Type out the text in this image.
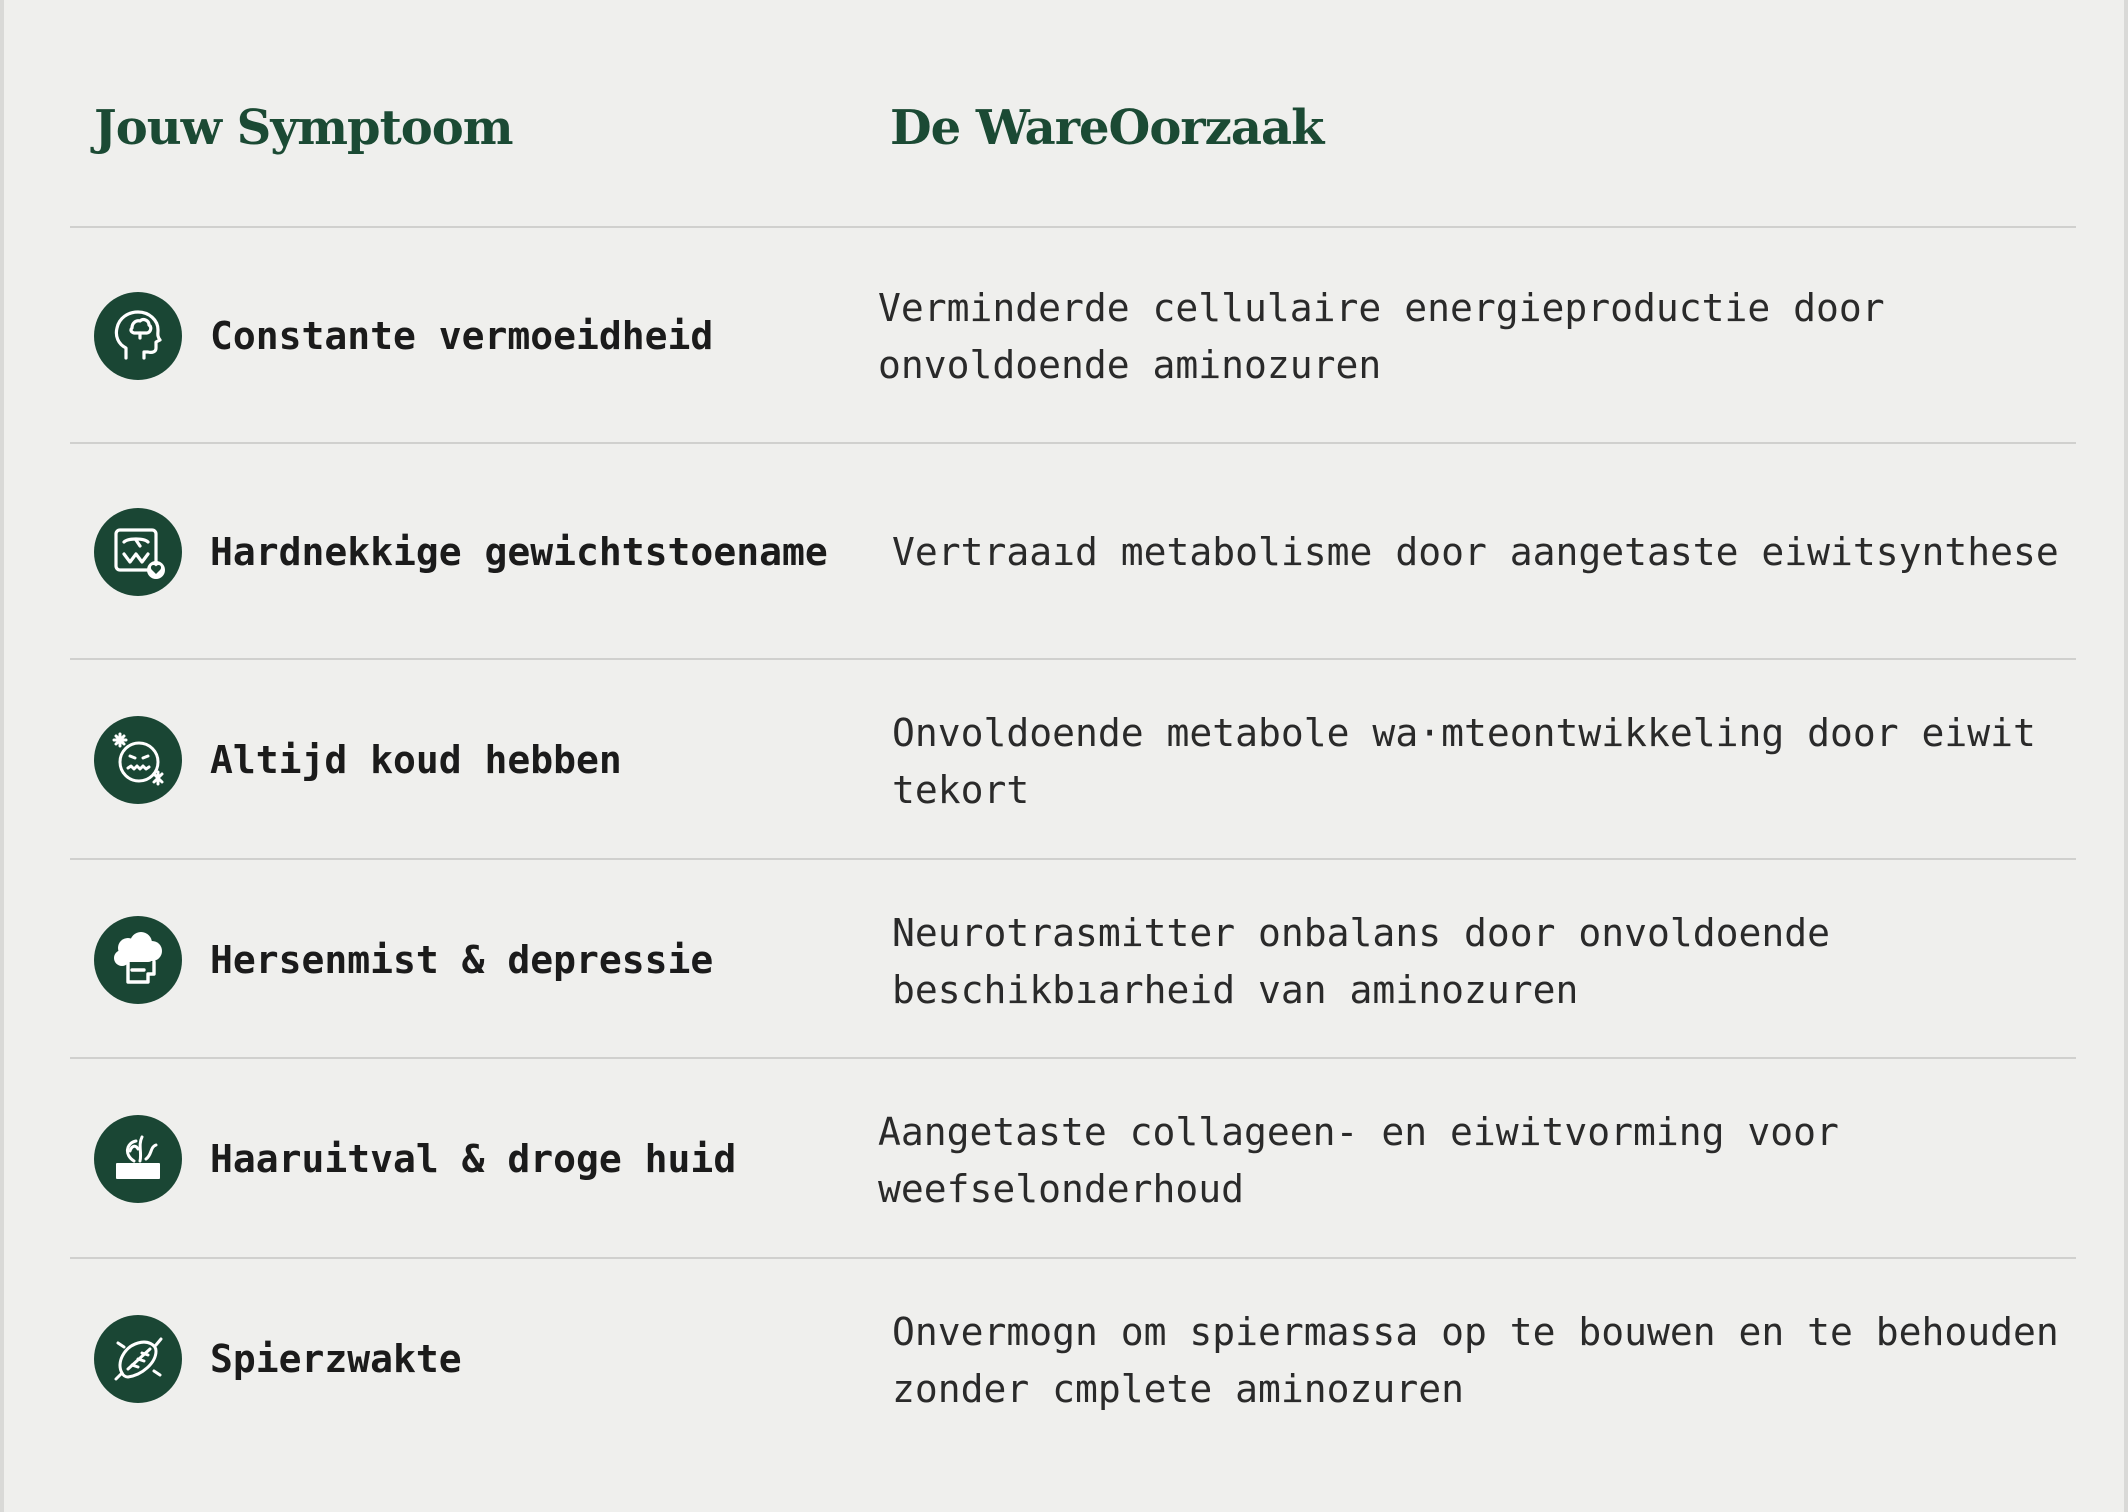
Jouw Symptoom	De WareOorzaak
Constante vermoeidheid
Verminderde cellulaire energieproductie door
onvoldoende aminozuren
Hardnekkige gewichtstoename Vertraaıd metabolisme door aangetaste eiwitsynthese
Altijd koud hebben
Onvoldoende metabole wa·mteontwikkeling door eiwit
tekort
Hersenmist & depressie
Neurotrasmitter onbalans door onvoldoende
beschikbıarheid van aminozuren
Haaruitval & droge huid
Aangetaste collageen- en eiwitvorming voor
weefselonderhoud
Spierzwakte
Onvermogn om spiermassa op te bouwen en te behouden
zonder cmplete aminozuren
